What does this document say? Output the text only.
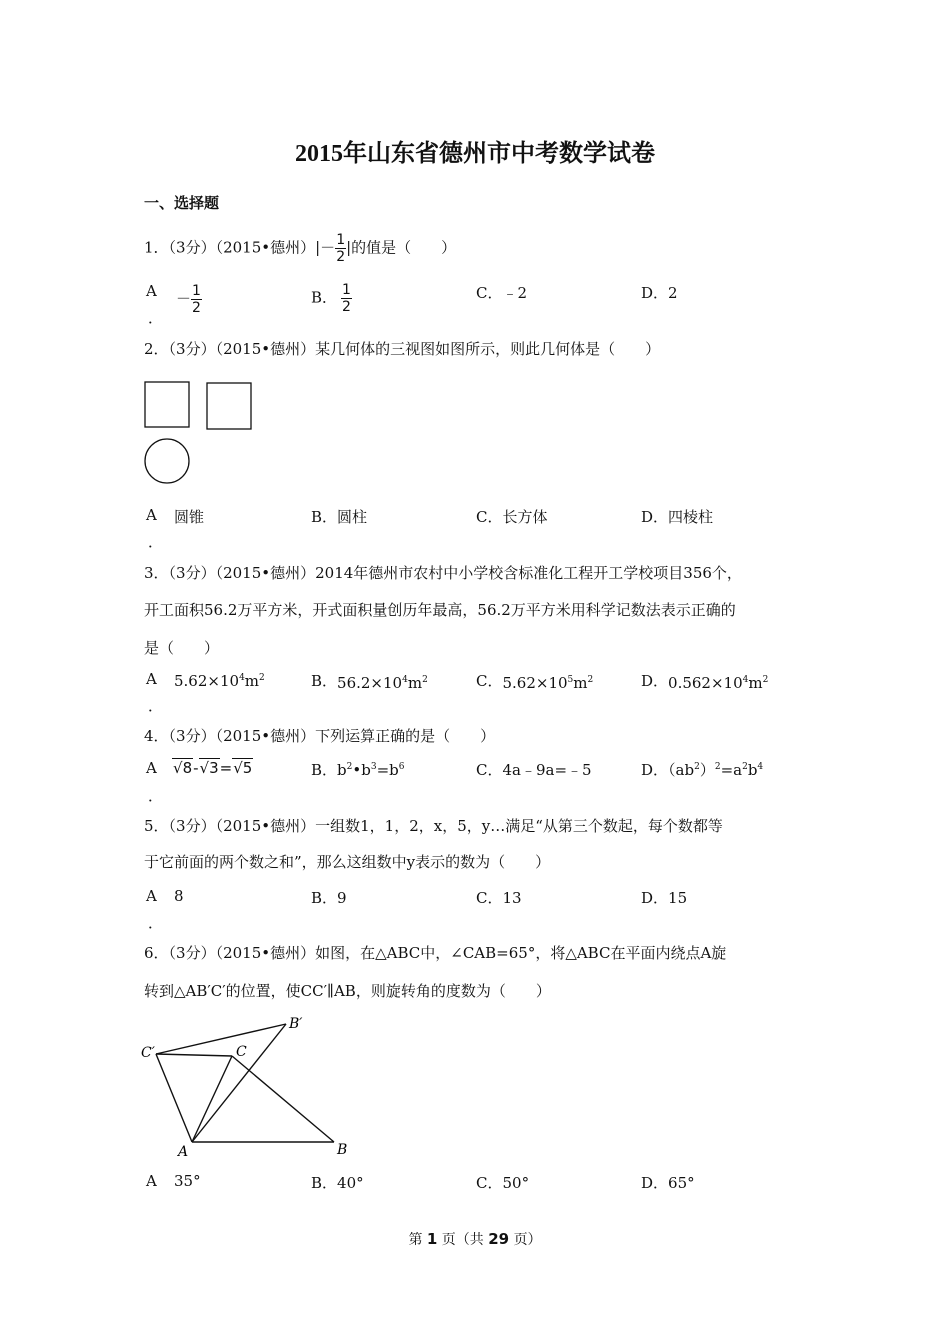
2015年山东省德州市中考数学试卷
一、选择题
1．（3分）（2015•德州）|－ $\frac{1}{2}$ |的值是（　　）
A
．
－ $\frac{1}{2}$	B． $\frac{1}{2}$	C．﹣2	D．2
2．（3分）（2015•德州）某几何体的三视图如图所示，则此几何体是（　　）
A
．
圆锥	B．圆柱	C．长方体	D．四棱柱
3．（3分）（2015•德州）2014年德州市农村中小学校含标准化工程开工学校项目356个，
开工面积56.2万平方米，开式面积量创历年最高，56.2万平方米用科学记数法表示正确的
是（　　）
A
．
$5.62\times 10^4m^2$	B．$56.2\times 10^4m^2$	C．$5.62\times 10^5m^2$	D．$0.562\times 10^4m^2$
4．（3分）（2015•德州）下列运算正确的是（　　）
A
．
√8-√3=√5	B．$b^2•b^3=b^6$	C．4a﹣9a=﹣5	D．$(ab^2)^2=a^2b^4$
5．（3分）（2015•德州）一组数1，1，2，x，5，y…满足“从第三个数起，每个数都等
于它前面的两个数之和”，那么这组数中y表示的数为（　　）
A
．
8	B．9	C．13	D．15
6．（3分）（2015•德州）如图，在△ABC中，∠CAB=65°，将△ABC在平面内绕点A旋
转到△AB′C′的位置，使CC′∥AB，则旋转角的度数为（　　）
C′	C
B′
A	B
A 35°	B．40°	C．50°	D．65°
第 1 页（共 29 页）
